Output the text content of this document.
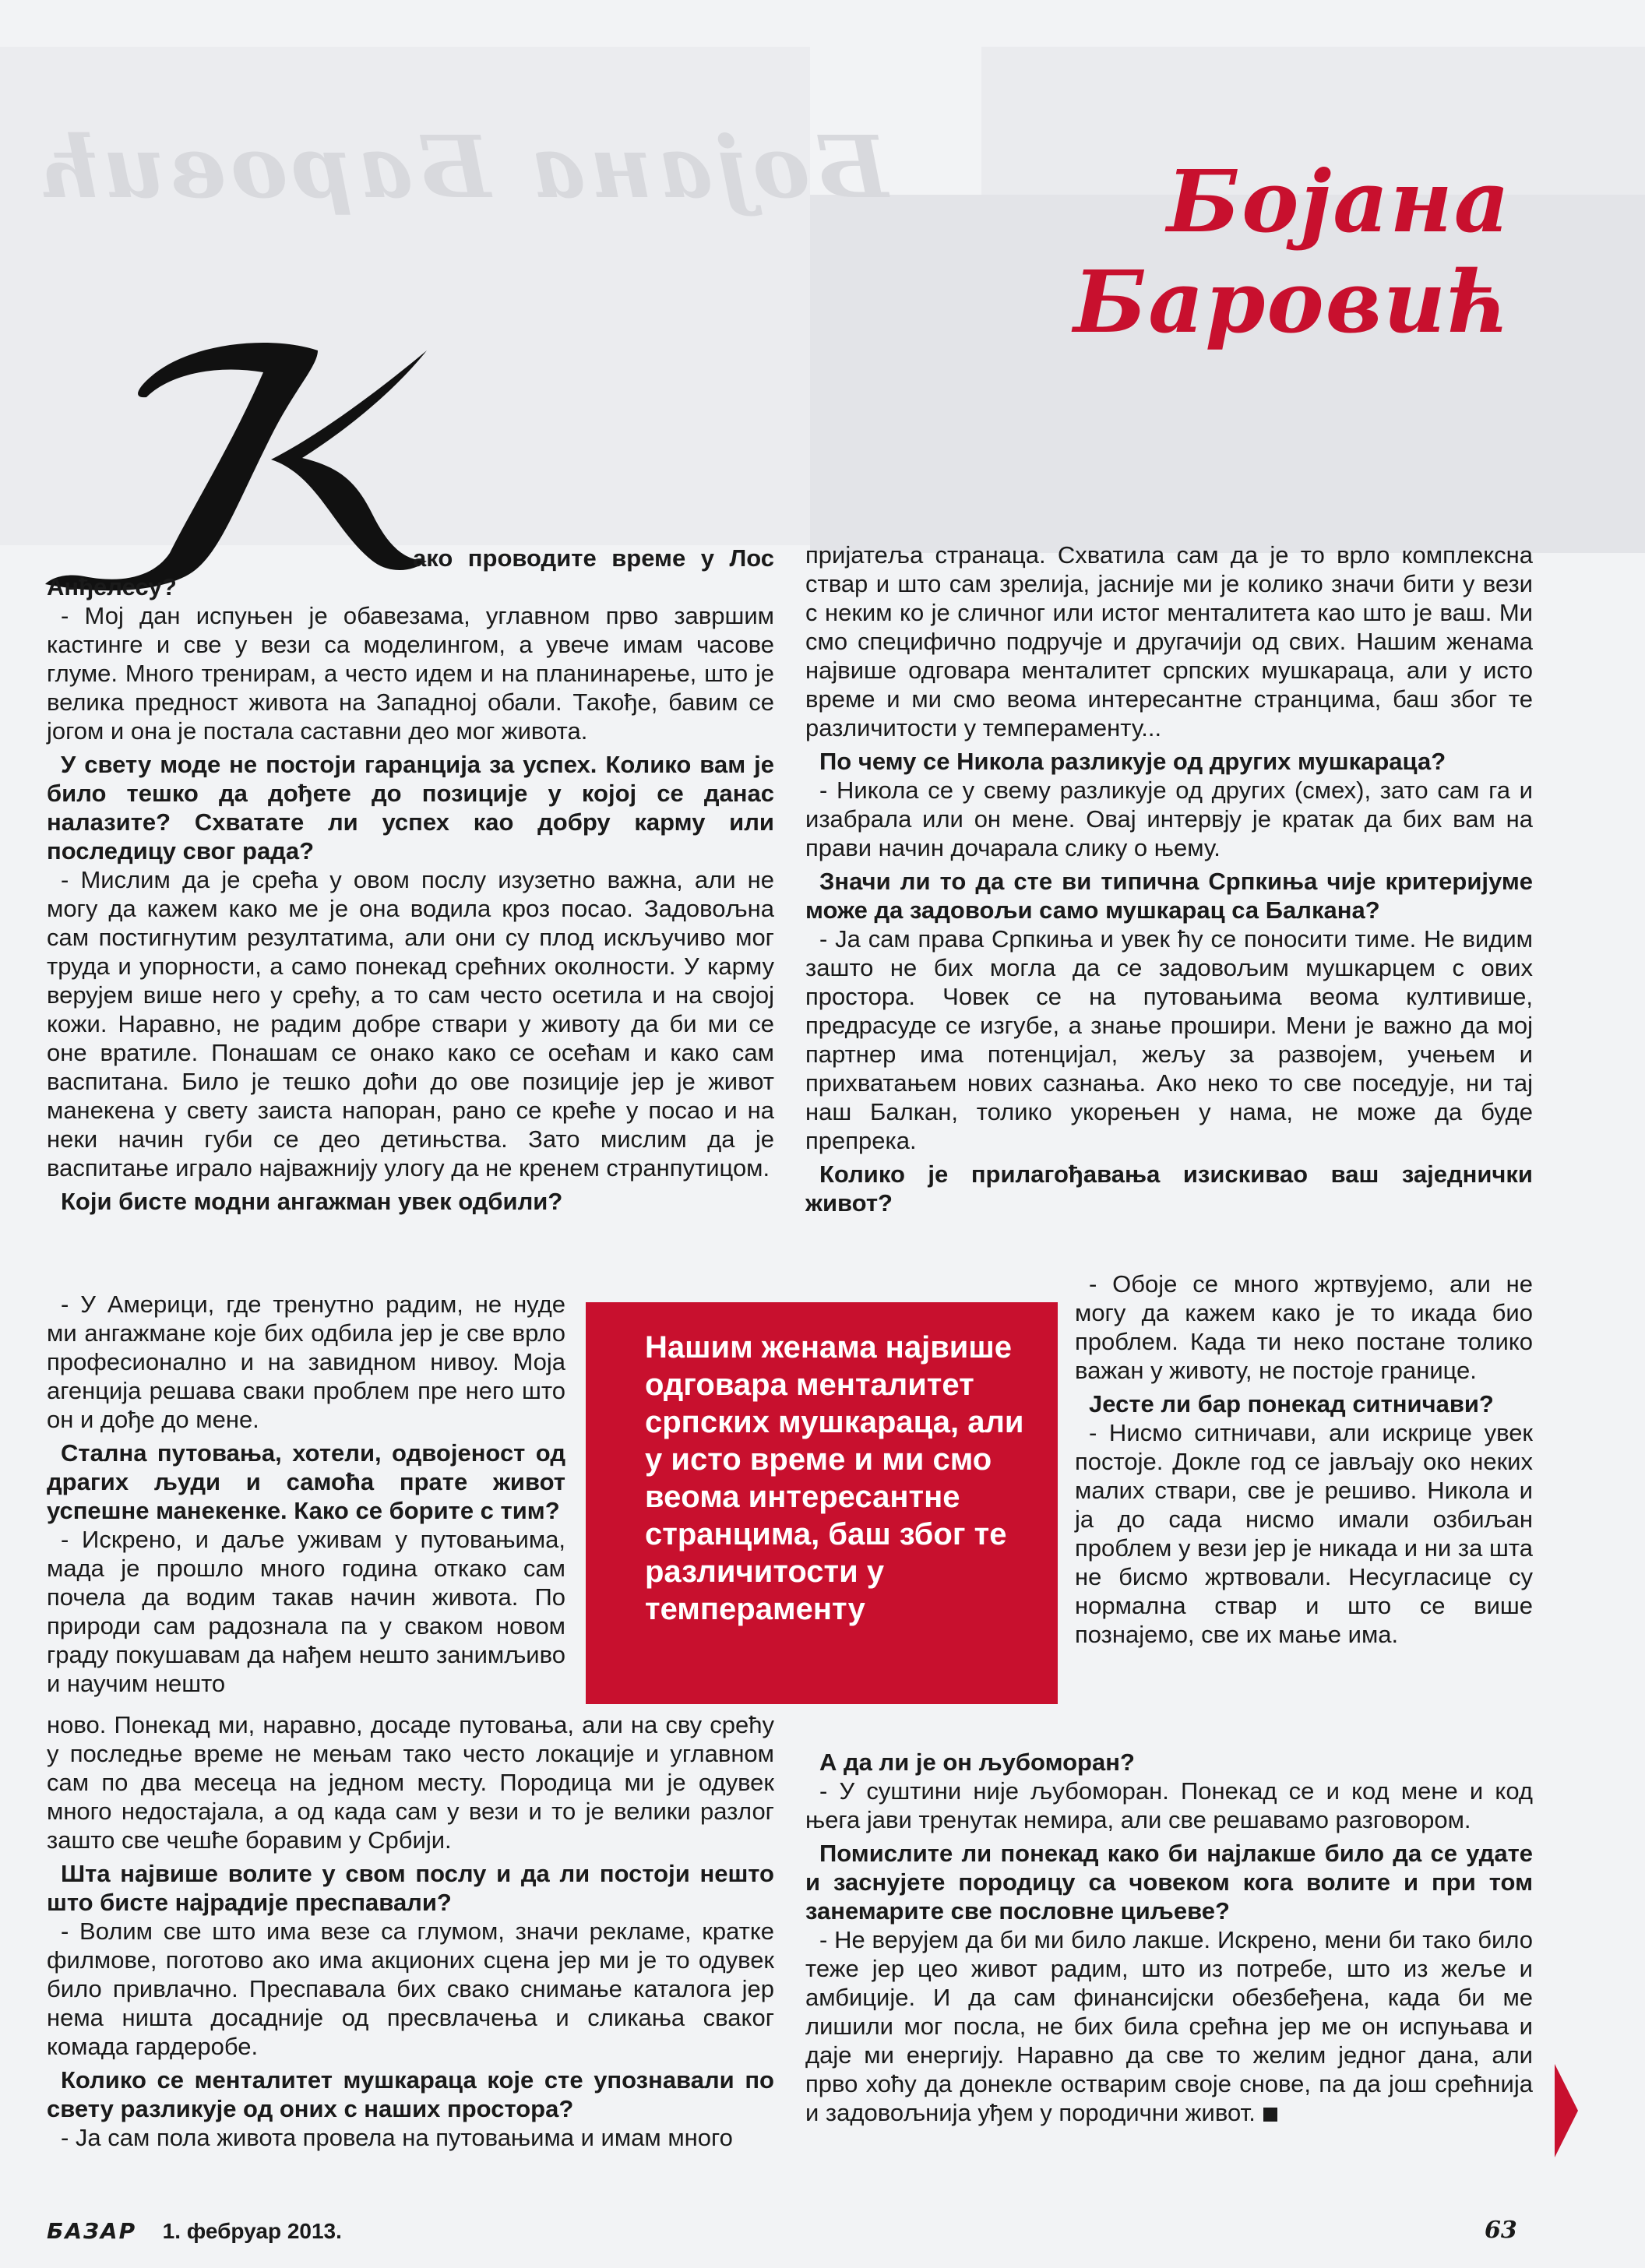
Бојана Баровић	Бојана Баровић

ако проводите време у Лос Анђелесу?

- Мој дан испуњен је обавезама, углавном прво завршим кастинге и све у вези са моделингом, а увече имам часове глуме. Много тренирам, а често идем и на планинарење, што је велика предност живота на Западној обали. Такође, бавим се јогом и она је постала саставни део мог живота.

У свету моде не постоји гаранција за успех. Колико вам је било тешко да дођете до позиције у којој се данас налазите? Схватате ли успех као добру карму или последицу свог рада?

- Мислим да је срећа у овом послу изузетно важна, али не могу да кажем како ме је она водила кроз посао. Задовољна сам постигнутим резултатима, али они су плод искључиво мог труда и упорности, а само понекад срећних околности. У карму верујем више него у срећу, а то сам често осетила и на својој кожи. Наравно, не радим добре ствари у животу да би ми се оне вратиле. Понашам се онако како се осећам и како сам васпитана. Било је тешко доћи до ове позиције јер је живот манекена у свету заиста напоран, рано се креће у посао и на неки начин губи се део детињства. Зато мислим да је васпитање играло најважнију улогу да не кренем странпутицом.

Који бисте модни ангажман увек одбили?

- У Америци, где тренутно радим, не нуде ми ангажмане које бих одбила јер је све врло професионално и на завидном нивоу. Моја агенција решава сваки проблем пре него што он и дође до мене.

Стална путовања, хотели, одвојеност од драгих људи и самоћа прате живот успешне манекенке. Како се борите с тим?

- Искрено, и даље уживам у путовањима, мада је прошло много година откако сам почела да водим такав начин живота. По природи сам радознала па у сваком новом граду покушавам да нађем нешто занимљиво и научим нешто

ново. Понекад ми, наравно, досаде путовања, али на сву срећу у последње време не мењам тако често локације и углавном сам по два месеца на једном месту. Породица ми је одувек много недостајала, а од када сам у вези и то је велики разлог зашто све чешће боравим у Србији.

Шта највише волите у свом послу и да ли постоји нешто што бисте најрадије преспавали?

- Волим све што има везе са глумом, значи рекламе, кратке филмове, поготово ако има акционих сцена јер ми је то одувек било привлачно. Преспавала бих свако снимање каталога јер нема ништа досадније од пресвлачења и сликања сваког комада гардеробе.

Колико се менталитет мушкараца које сте упознавали по свету разликује од оних с наших простора?

- Ја сам пола живота провела на путовањима и имам много

пријатеља странаца. Схватила сам да је то врло комплексна ствар и што сам зрелија, јасније ми је колико значи бити у вези с неким ко је сличног или истог менталитета као што је ваш. Ми смо специфично подручје и другачији од свих. Нашим женама највише одговара менталитет српских мушкараца, али у исто време и ми смо веома интересантне странцима, баш због те различитости у темпераменту...

По чему се Никола разликује од других мушкараца?

- Никола се у свему разликује од других (смех), зато сам га и изабрала или он мене. Овај интервју је кратак да бих вам на прави начин дочарала слику о њему.

Значи ли то да сте ви типична Српкиња чије критеријуме може да задовољи само мушкарац са Балкана?

- Ја сам права Српкиња и увек ћу се поносити тиме. Не видим зашто не бих могла да се задовољим мушкарцем с ових простора. Човек се на путовањима веома култивише, предрасуде се изгубе, а знање прошири. Мени је важно да мој партнер има потенцијал, жељу за развојем, учењем и прихватањем нових сазнања. Ако неко то све поседује, ни тај наш Балкан, толико укорењен у нама, не може да буде препрека.

Колико је прилагођавања изискивао ваш заједнички живот?

- Обоје се много жртвујемо, али не могу да кажем како је то икада био проблем. Када ти неко постане толико важан у животу, не постоје границе.

Јесте ли бар понекад ситничави?

- Нисмо ситничави, али искрице увек постоје. Докле год се јављају око неких малих ствари, све је решиво. Никола и ја до сада нисмо имали озбиљан проблем у вези јер је никада и ни за шта не бисмо жртвовали. Несугласице су нормална ствар и што се више познајемо, све их мање има.

А да ли је он љубоморан?

- У суштини није љубоморан. Понекад се и код мене и код њега јави тренутак немира, али све решавамо разговором.

Помислите ли понекад како би најлакше било да се удате и заснујете породицу са човеком кога волите и при том занемарите све пословне циљеве?

- Не верујем да би ми било лакше. Искрено, мени би тако било теже јер цео живот радим, што из потребе, што из жеље и амбиције. И да сам финансијски обезбеђена, када би ме лишили мог посла, не бих била срећна јер ме он испуњава и даје ми енергију. Наравно да све то желим једног дана, али прво хоћу да донекле остварим своје снове, па да још срећнија и задовољнија уђем у породични живот.

Нашим женама највише одговара менталитет српских мушкараца, али у исто време и ми смо веома интересантне странцима, баш због те различитости у темпераменту
БАЗАР 1. фебруар 2013.	63
